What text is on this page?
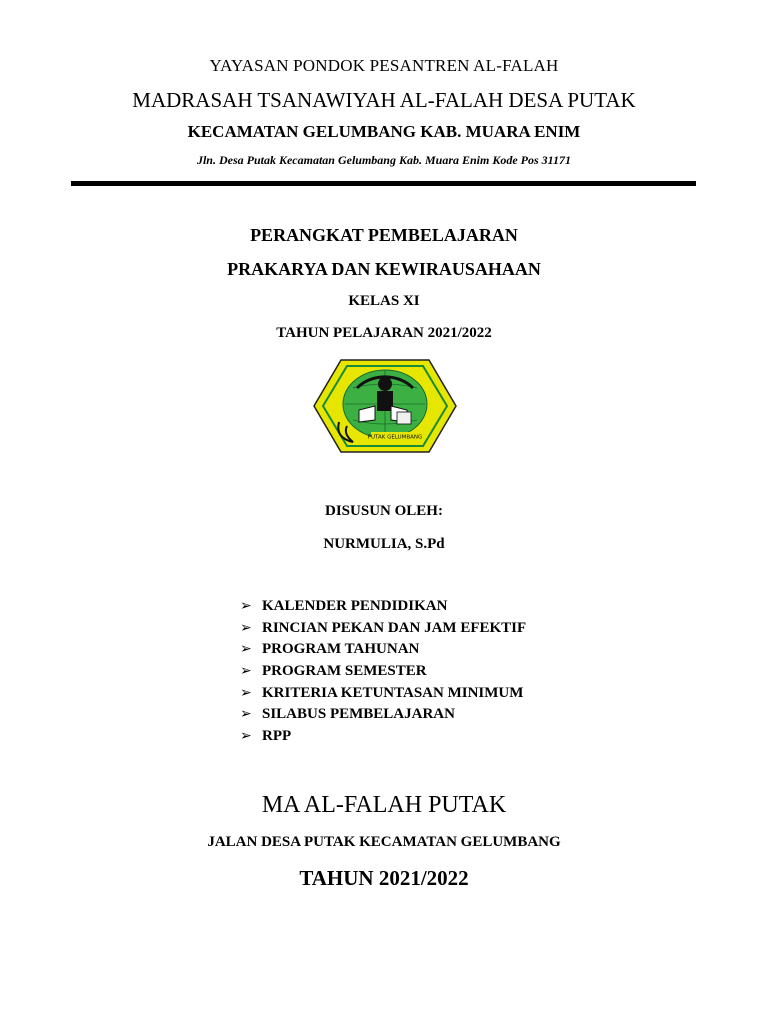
YAYASAN PONDOK PESANTREN AL-FALAH
MADRASAH TSANAWIYAH AL-FALAH DESA PUTAK
KECAMATAN GELUMBANG KAB. MUARA ENIM
Jln. Desa Putak Kecamatan Gelumbang Kab. Muara Enim Kode Pos 31171
PERANGKAT PEMBELAJARAN
PRAKARYA DAN KEWIRAUSAHAAN
KELAS XI
TAHUN PELAJARAN 2021/2022
PUTAK GELUMBANG
DISUSUN OLEH:
NURMULIA, S.Pd
➢ KALENDER PENDIDIKAN
➢ RINCIAN PEKAN DAN JAM EFEKTIF
➢ PROGRAM TAHUNAN
➢ PROGRAM SEMESTER
➢ KRITERIA KETUNTASAN MINIMUM
➢ SILABUS PEMBELAJARAN
➢ RPP
MA AL-FALAH PUTAK
JALAN DESA PUTAK KECAMATAN GELUMBANG
TAHUN 2021/2022
